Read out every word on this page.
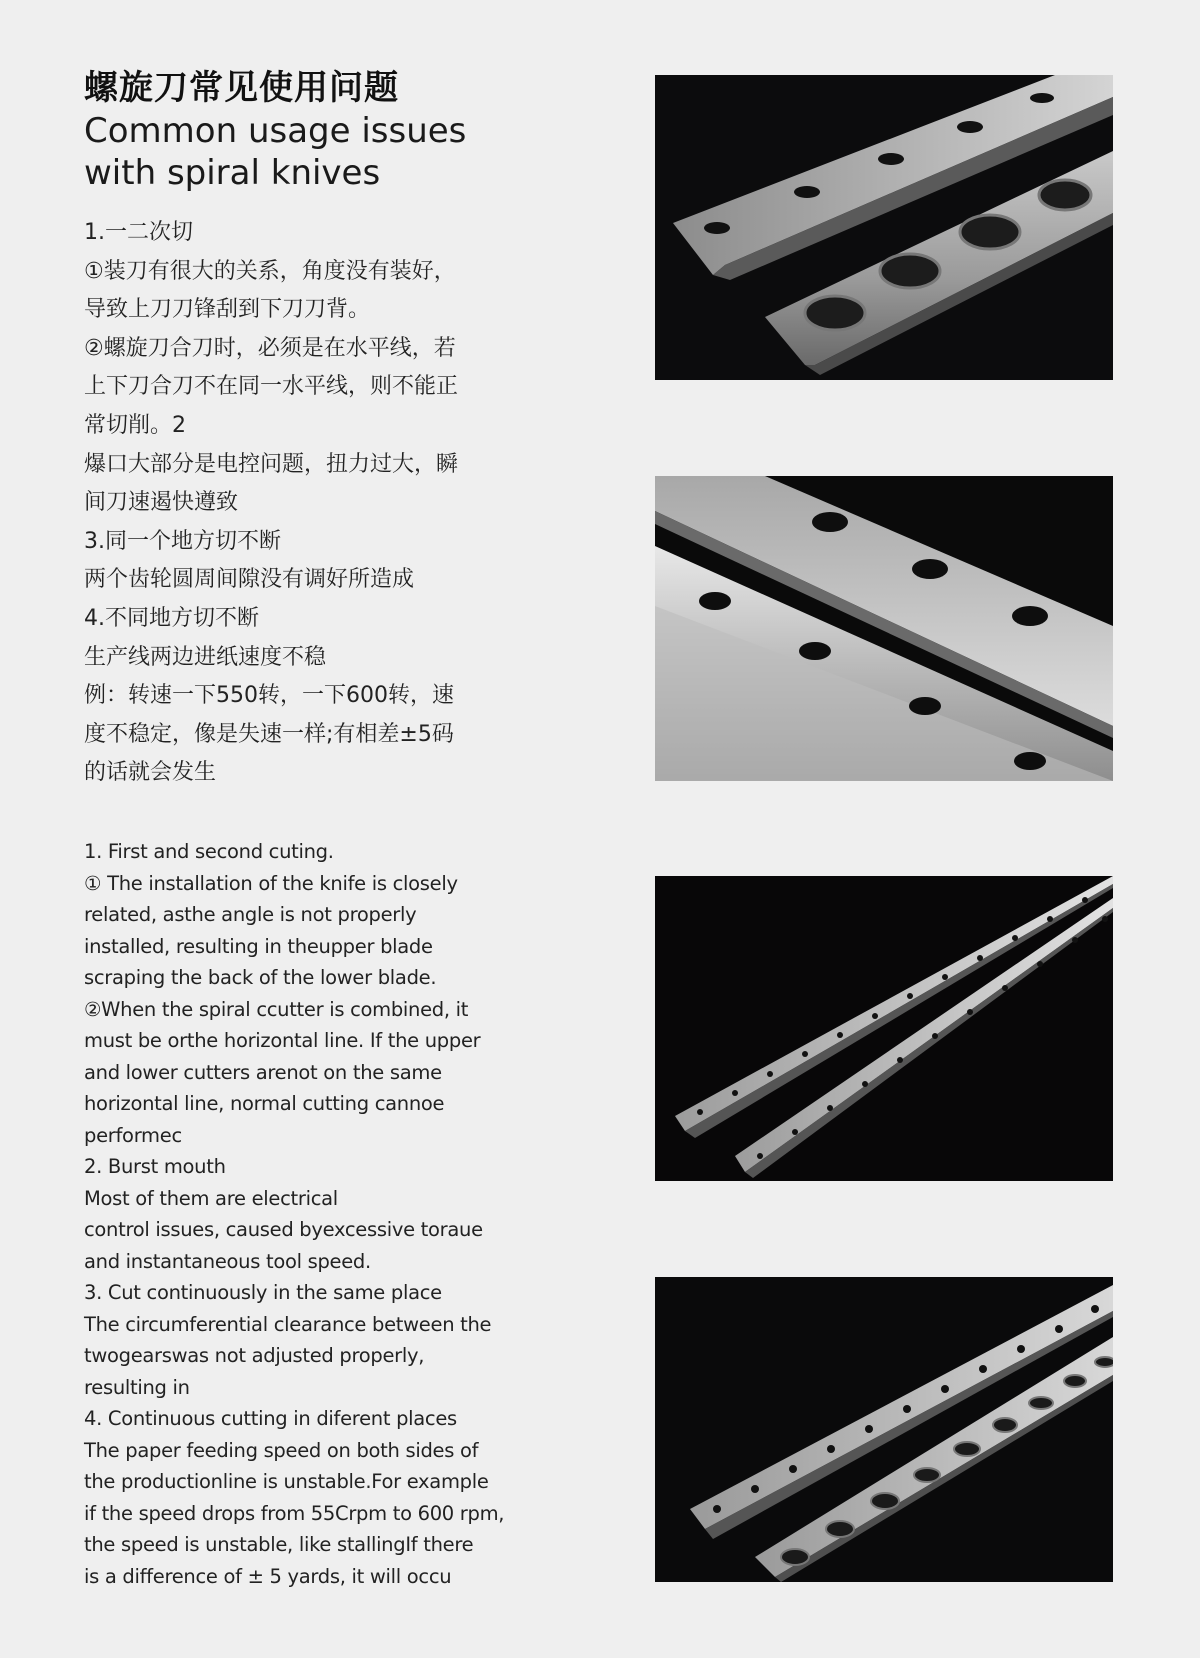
螺旋刀常见使用问题
Common usage issues
with spiral knives

1.一二次切

①装刀有很大的关系，角度没有装好，

导致上刀刀锋刮到下刀刀背。

②螺旋刀合刀时，必须是在水平线，若

上下刀合刀不在同一水平线，则不能正

常切削。2

爆口大部分是电控问题，扭力过大，瞬

间刀速遏快遵致

3.同一个地方切不断

两个齿轮圆周间隙没有调好所造成

4.不同地方切不断

生产线两边进纸速度不稳

例：转速一下550转，一下600转，速

度不稳定，像是失速一样;有相差±5码

的话就会发生

1. First and second cuting.

① The installation of the knife is closely

related, asthe angle is not properly

installed, resulting in theupper blade

scraping the back of the lower blade.

②When the spiral ccutter is combined, it

must be orthe horizontal line. If the upper

and lower cutters arenot on the same

horizontal line, normal cutting cannoe

performec

2. Burst mouth

Most of them are electrical

control issues, caused byexcessive toraue

and instantaneous tool speed.

3. Cut continuously in the same place

The circumferential clearance between the

twogearswas not adjusted properly,

resulting in

4. Continuous cutting in diferent places

The paper feeding speed on both sides of

the productionline is unstable.For example

if the speed drops from 55Crpm to 600 rpm,

the speed is unstable, like stallingIf there

is a difference of ± 5 yards, it will occu
